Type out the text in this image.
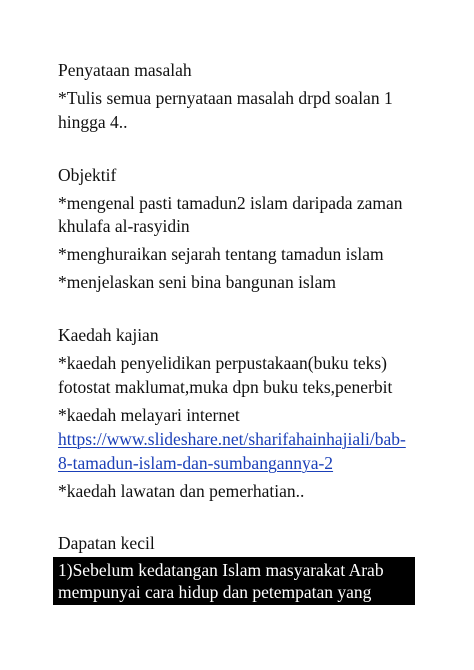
Penyataan masalah
*Tulis semua pernyataan masalah drpd soalan 1
hingga 4..
Objektif
*mengenal pasti tamadun2 islam daripada zaman
khulafa al-rasyidin
*menghuraikan sejarah tentang tamadun islam
*menjelaskan seni bina bangunan islam
Kaedah kajian
*kaedah penyelidikan perpustakaan(buku teks)
fotostat maklumat,muka dpn buku teks,penerbit
*kaedah melayari internet
https://www.slideshare.net/sharifahainhajiali/bab-
8-tamadun-islam-dan-sumbangannya-2
*kaedah lawatan dan pemerhatian..
Dapatan kecil
1)Sebelum kedatangan Islam masyarakat Arab
mempunyai cara hidup dan petempatan yang
